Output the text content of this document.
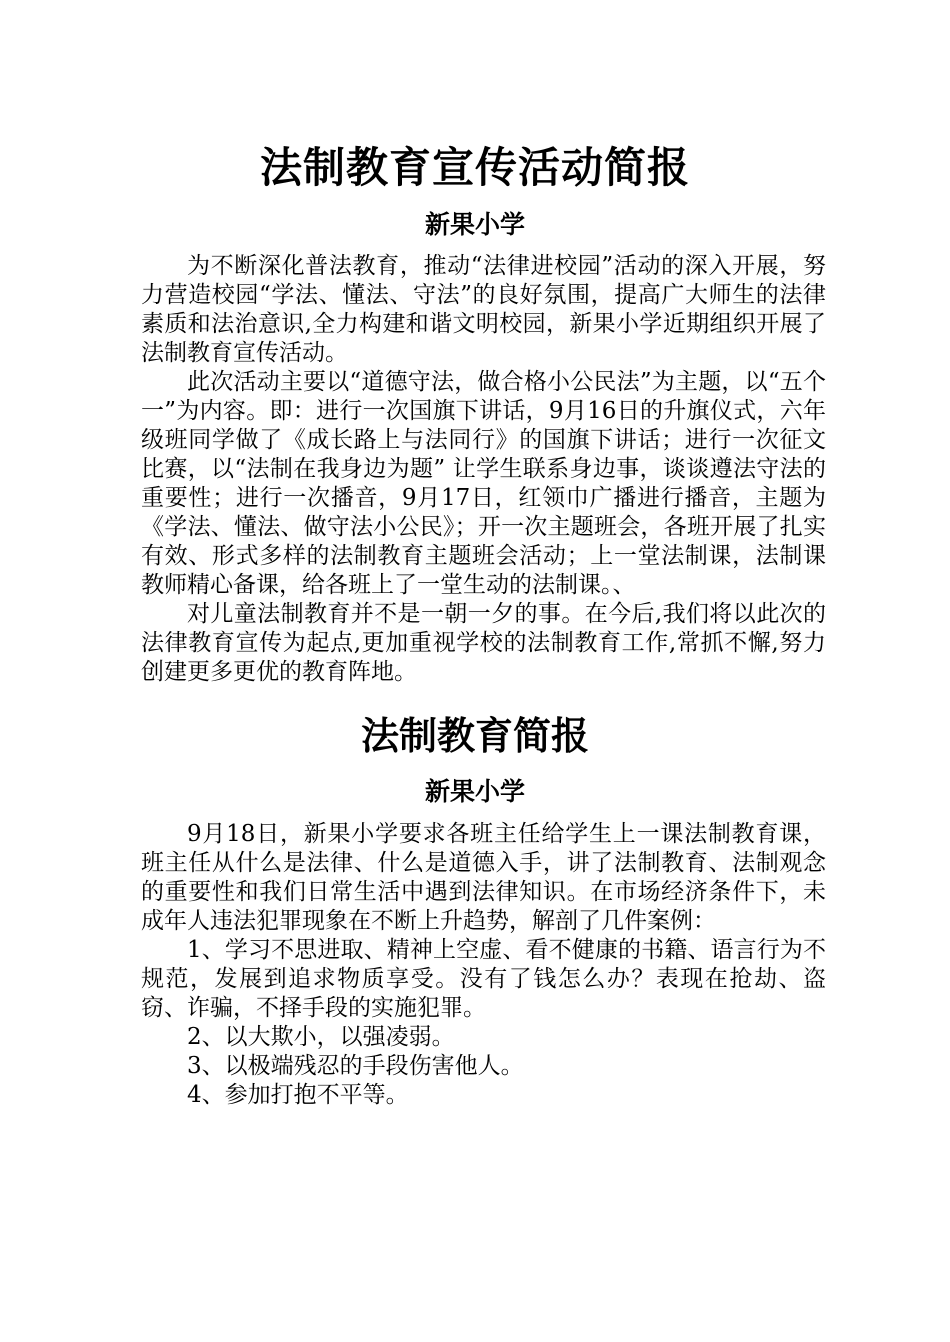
法制教育宣传活动简报
新果小学

为不断深化普法教育，推动“法律进校园”活动的深入开展，努力营造校园“学法、懂法、守法”的良好氛围，提高广大师生的法律素质和法治意识,全力构建和谐文明校园，新果小学近期组织开展了法制教育宣传活动。

此次活动主要以“道德守法，做合格小公民法”为主题，以“五个一”为内容。即：进行一次国旗下讲话，9月16日的升旗仪式，六年级班同学做了《成长路上与法同行》的国旗下讲话；进行一次征文比赛，以“法制在我身边为题” 让学生联系身边事，谈谈遵法守法的重要性；进行一次播音，9月17日，红领巾广播进行播音，主题为《学法、懂法、做守法小公民》；开一次主题班会，各班开展了扎实有效、形式多样的法制教育主题班会活动；上一堂法制课，法制课教师精心备课，给各班上了一堂生动的法制课。、

对儿童法制教育并不是一朝一夕的事。在今后,我们将以此次的法律教育宣传为起点,更加重视学校的法制教育工作,常抓不懈,努力创建更多更优的教育阵地。

法制教育简报
新果小学

9月18日，新果小学要求各班主任给学生上一课法制教育课，班主任从什么是法律、什么是道德入手，讲了法制教育、法制观念的重要性和我们日常生活中遇到法律知识。在市场经济条件下，未成年人违法犯罪现象在不断上升趋势，解剖了几件案例：

1、学习不思进取、精神上空虚、看不健康的书籍、语言行为不规范，发展到追求物质享受。没有了钱怎么办？表现在抢劫、盗窃、诈骗，不择手段的实施犯罪。

2、以大欺小，以强凌弱。

3、以极端残忍的手段伤害他人。

4、参加打抱不平等。
